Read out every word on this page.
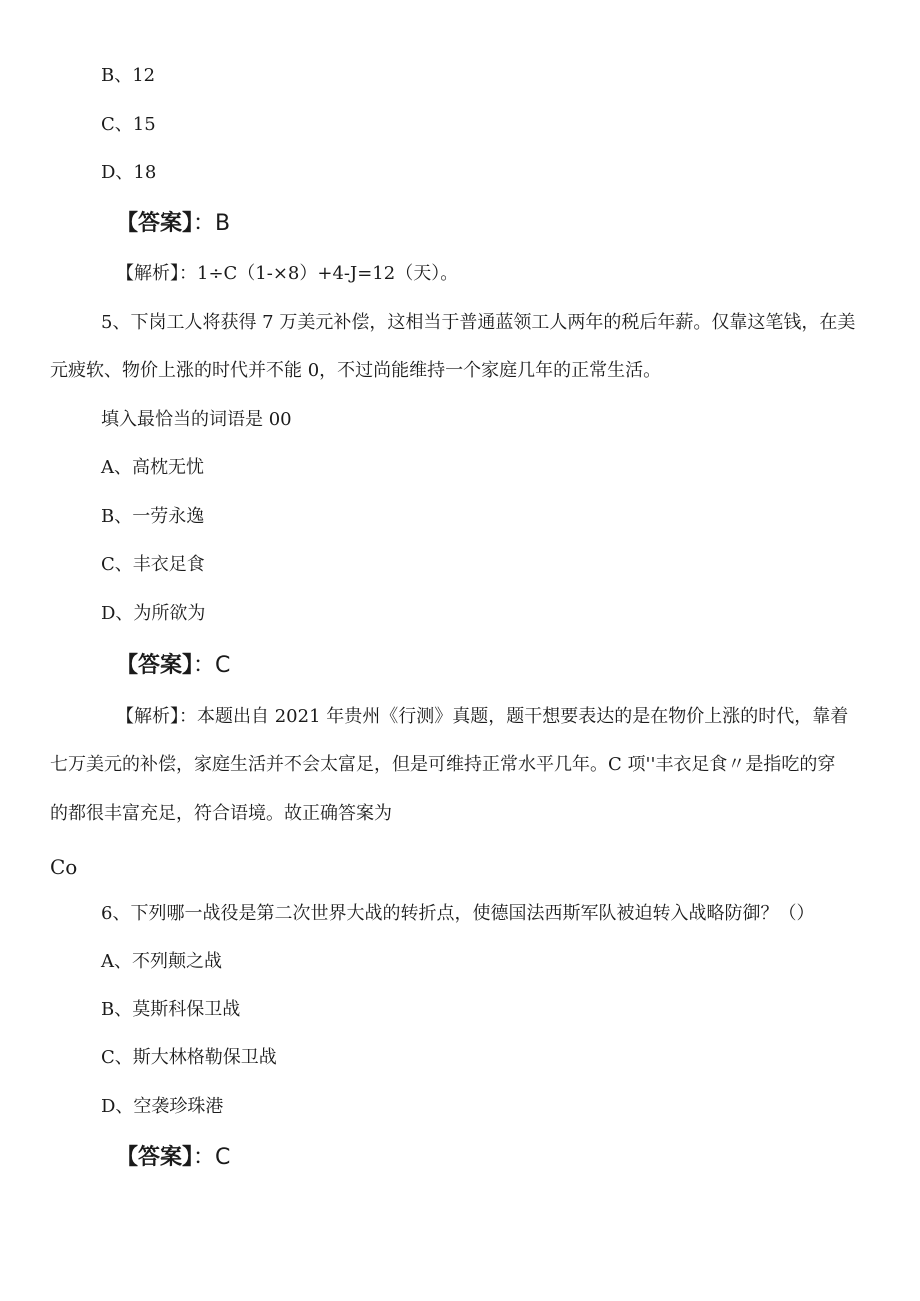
B、12
C、15
D、18
【答案】：B
【解析】：1÷C（1-×8）+4-J=12（天）。
5、下岗工人将获得 7 万美元补偿，这相当于普通蓝领工人两年的税后年薪。仅靠这笔钱，在美
元疲软、物价上涨的时代并不能 0，不过尚能维持一个家庭几年的正常生活。
填入最恰当的词语是 00
A、高枕无忧
B、一劳永逸
C、丰衣足食
D、为所欲为
【答案】：C
【解析】：本题出自 2021 年贵州《行测》真题，题干想要表达的是在物价上涨的时代，靠着
七万美元的补偿，家庭生活并不会太富足，但是可维持正常水平几年。C 项''丰衣足食〃是指吃的穿
的都很丰富充足，符合语境。故正确答案为
Co
6、下列哪一战役是第二次世界大战的转折点，使德国法西斯军队被迫转入战略防御？（）
A、不列颠之战
B、莫斯科保卫战
C、斯大林格勒保卫战
D、空袭珍珠港
【答案】：C
